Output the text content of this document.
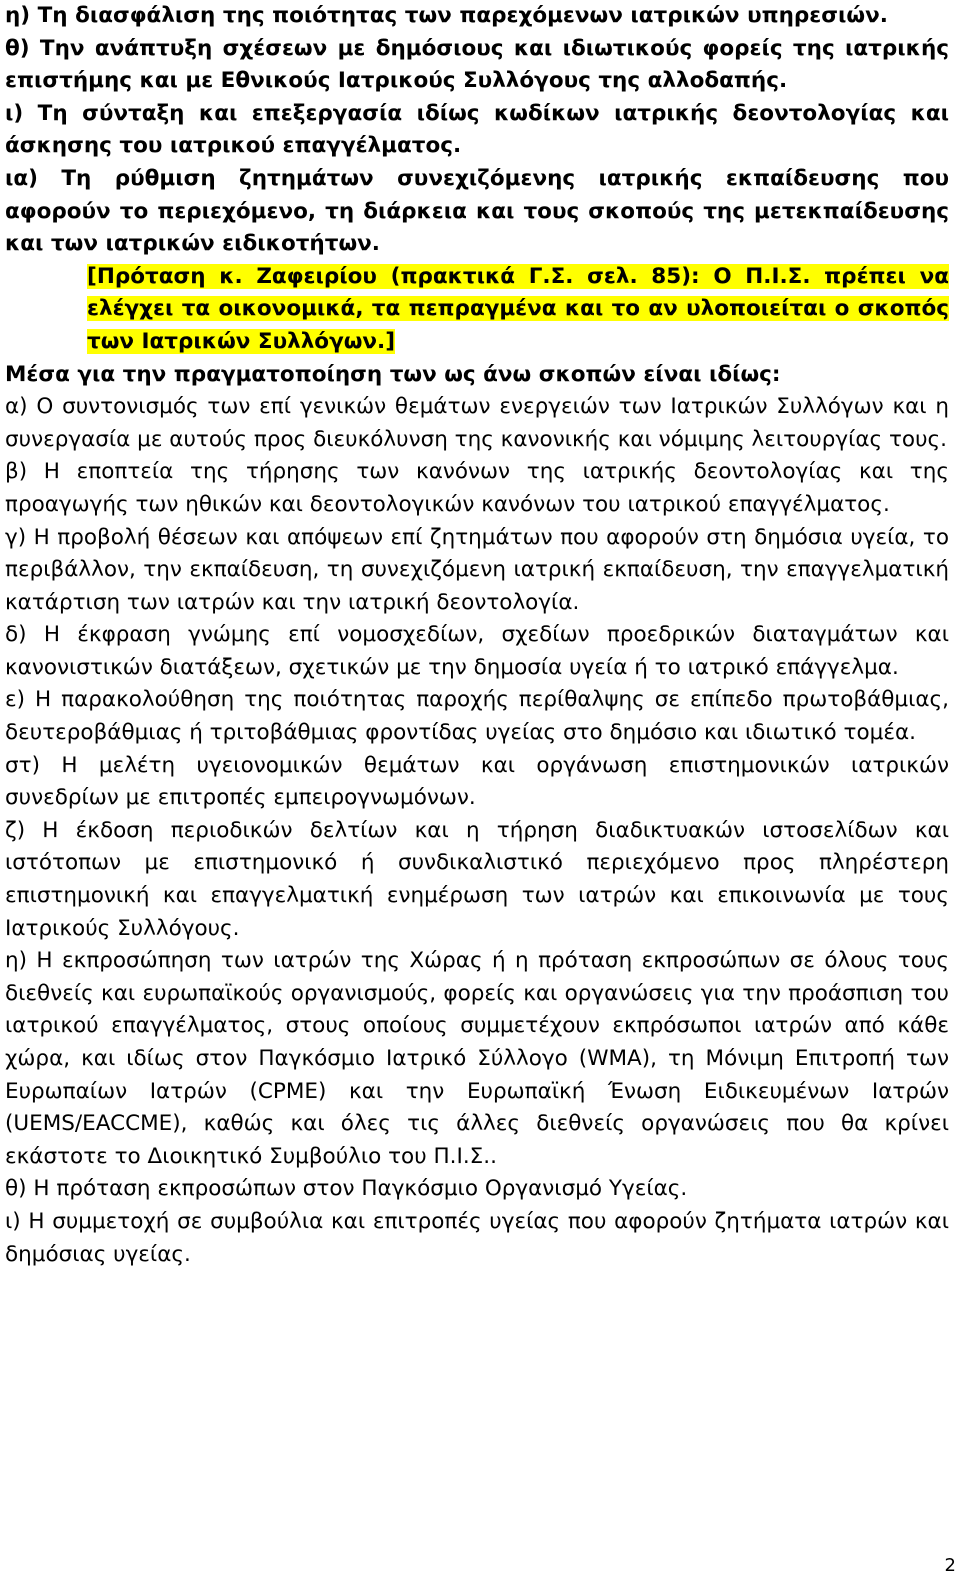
η) Τη διασφάλιση της ποιότητας των παρεχόμενων ιατρικών υπηρεσιών.

θ) Την ανάπτυξη σχέσεων με δημόσιους και ιδιωτικούς φορείς της ιατρικής επιστήμης και με Εθνικούς Ιατρικούς Συλλόγους της αλλοδαπής.

ι) Τη σύνταξη και επεξεργασία ιδίως κωδίκων ιατρικής δεοντολογίας και άσκησης του ιατρικού επαγγέλματος.

ια) Τη ρύθμιση ζητημάτων συνεχιζόμενης ιατρικής εκπαίδευσης που αφορούν το περιεχόμενο, τη διάρκεια και τους σκοπούς της μετεκπαίδευσης και των ιατρικών ειδικοτήτων.

[Πρόταση κ. Ζαφειρίου (πρακτικά Γ.Σ. σελ. 85): Ο Π.Ι.Σ. πρέπει να ελέγχει τα οικονομικά, τα πεπραγμένα και το αν υλοποιείται ο σκοπός των Ιατρικών Συλλόγων.]

Μέσα για την πραγματοποίηση των ως άνω σκοπών είναι ιδίως:

α) Ο συντονισμός των επί γενικών θεμάτων ενεργειών των Ιατρικών Συλλόγων και η συνεργασία με αυτούς προς διευκόλυνση της κανονικής και νόμιμης λειτουργίας τους.

β) Η εποπτεία της τήρησης των κανόνων της ιατρικής δεοντολογίας και της προαγωγής των ηθικών και δεοντολογικών κανόνων του ιατρικού επαγγέλματος.

γ) Η προβολή θέσεων και απόψεων επί ζητημάτων που αφορούν στη δημόσια υγεία, το περιβάλλον, την εκπαίδευση, τη συνεχιζόμενη ιατρική εκπαίδευση, την επαγγελματική κατάρτιση των ιατρών και την ιατρική δεοντολογία.

δ) Η έκφραση γνώμης επί νομοσχεδίων, σχεδίων προεδρικών διαταγμάτων και κανονιστικών διατάξεων, σχετικών με την δημοσία υγεία ή το ιατρικό επάγγελμα.

ε) Η παρακολούθηση της ποιότητας παροχής περίθαλψης σε επίπεδο πρωτοβάθμιας, δευτεροβάθμιας ή τριτοβάθμιας φροντίδας υγείας στο δημόσιο και ιδιωτικό τομέα.

στ) Η μελέτη υγειονομικών θεμάτων και οργάνωση επιστημονικών ιατρικών συνεδρίων με επιτροπές εμπειρογνωμόνων.

ζ) Η έκδοση περιοδικών δελτίων και η τήρηση διαδικτυακών ιστοσελίδων και ιστότοπων με επιστημονικό ή συνδικαλιστικό περιεχόμενο προς πληρέστερη επιστημονική και επαγγελματική ενημέρωση των ιατρών και επικοινωνία με τους Ιατρικούς Συλλόγους.

η) Η εκπροσώπηση των ιατρών της Χώρας ή η πρόταση εκπροσώπων σε όλους τους διεθνείς και ευρωπαϊκούς οργανισμούς, φορείς και οργανώσεις για την προάσπιση του ιατρικού επαγγέλματος, στους οποίους συμμετέχουν εκπρόσωποι ιατρών από κάθε χώρα, και ιδίως στον Παγκόσμιο Ιατρικό Σύλλογο (WMA), τη Μόνιμη Επιτροπή των Ευρωπαίων Ιατρών (CPME) και την Ευρωπαϊκή Ένωση Ειδικευμένων Ιατρών (UEMS/EACCME), καθώς και όλες τις άλλες διεθνείς οργανώσεις που θα κρίνει εκάστοτε το Διοικητικό Συμβούλιο του Π.Ι.Σ..

θ) Η πρόταση εκπροσώπων στον Παγκόσμιο Οργανισμό Υγείας.

ι) Η συμμετοχή σε συμβούλια και επιτροπές υγείας που αφορούν ζητήματα ιατρών και δημόσιας υγείας.

2
